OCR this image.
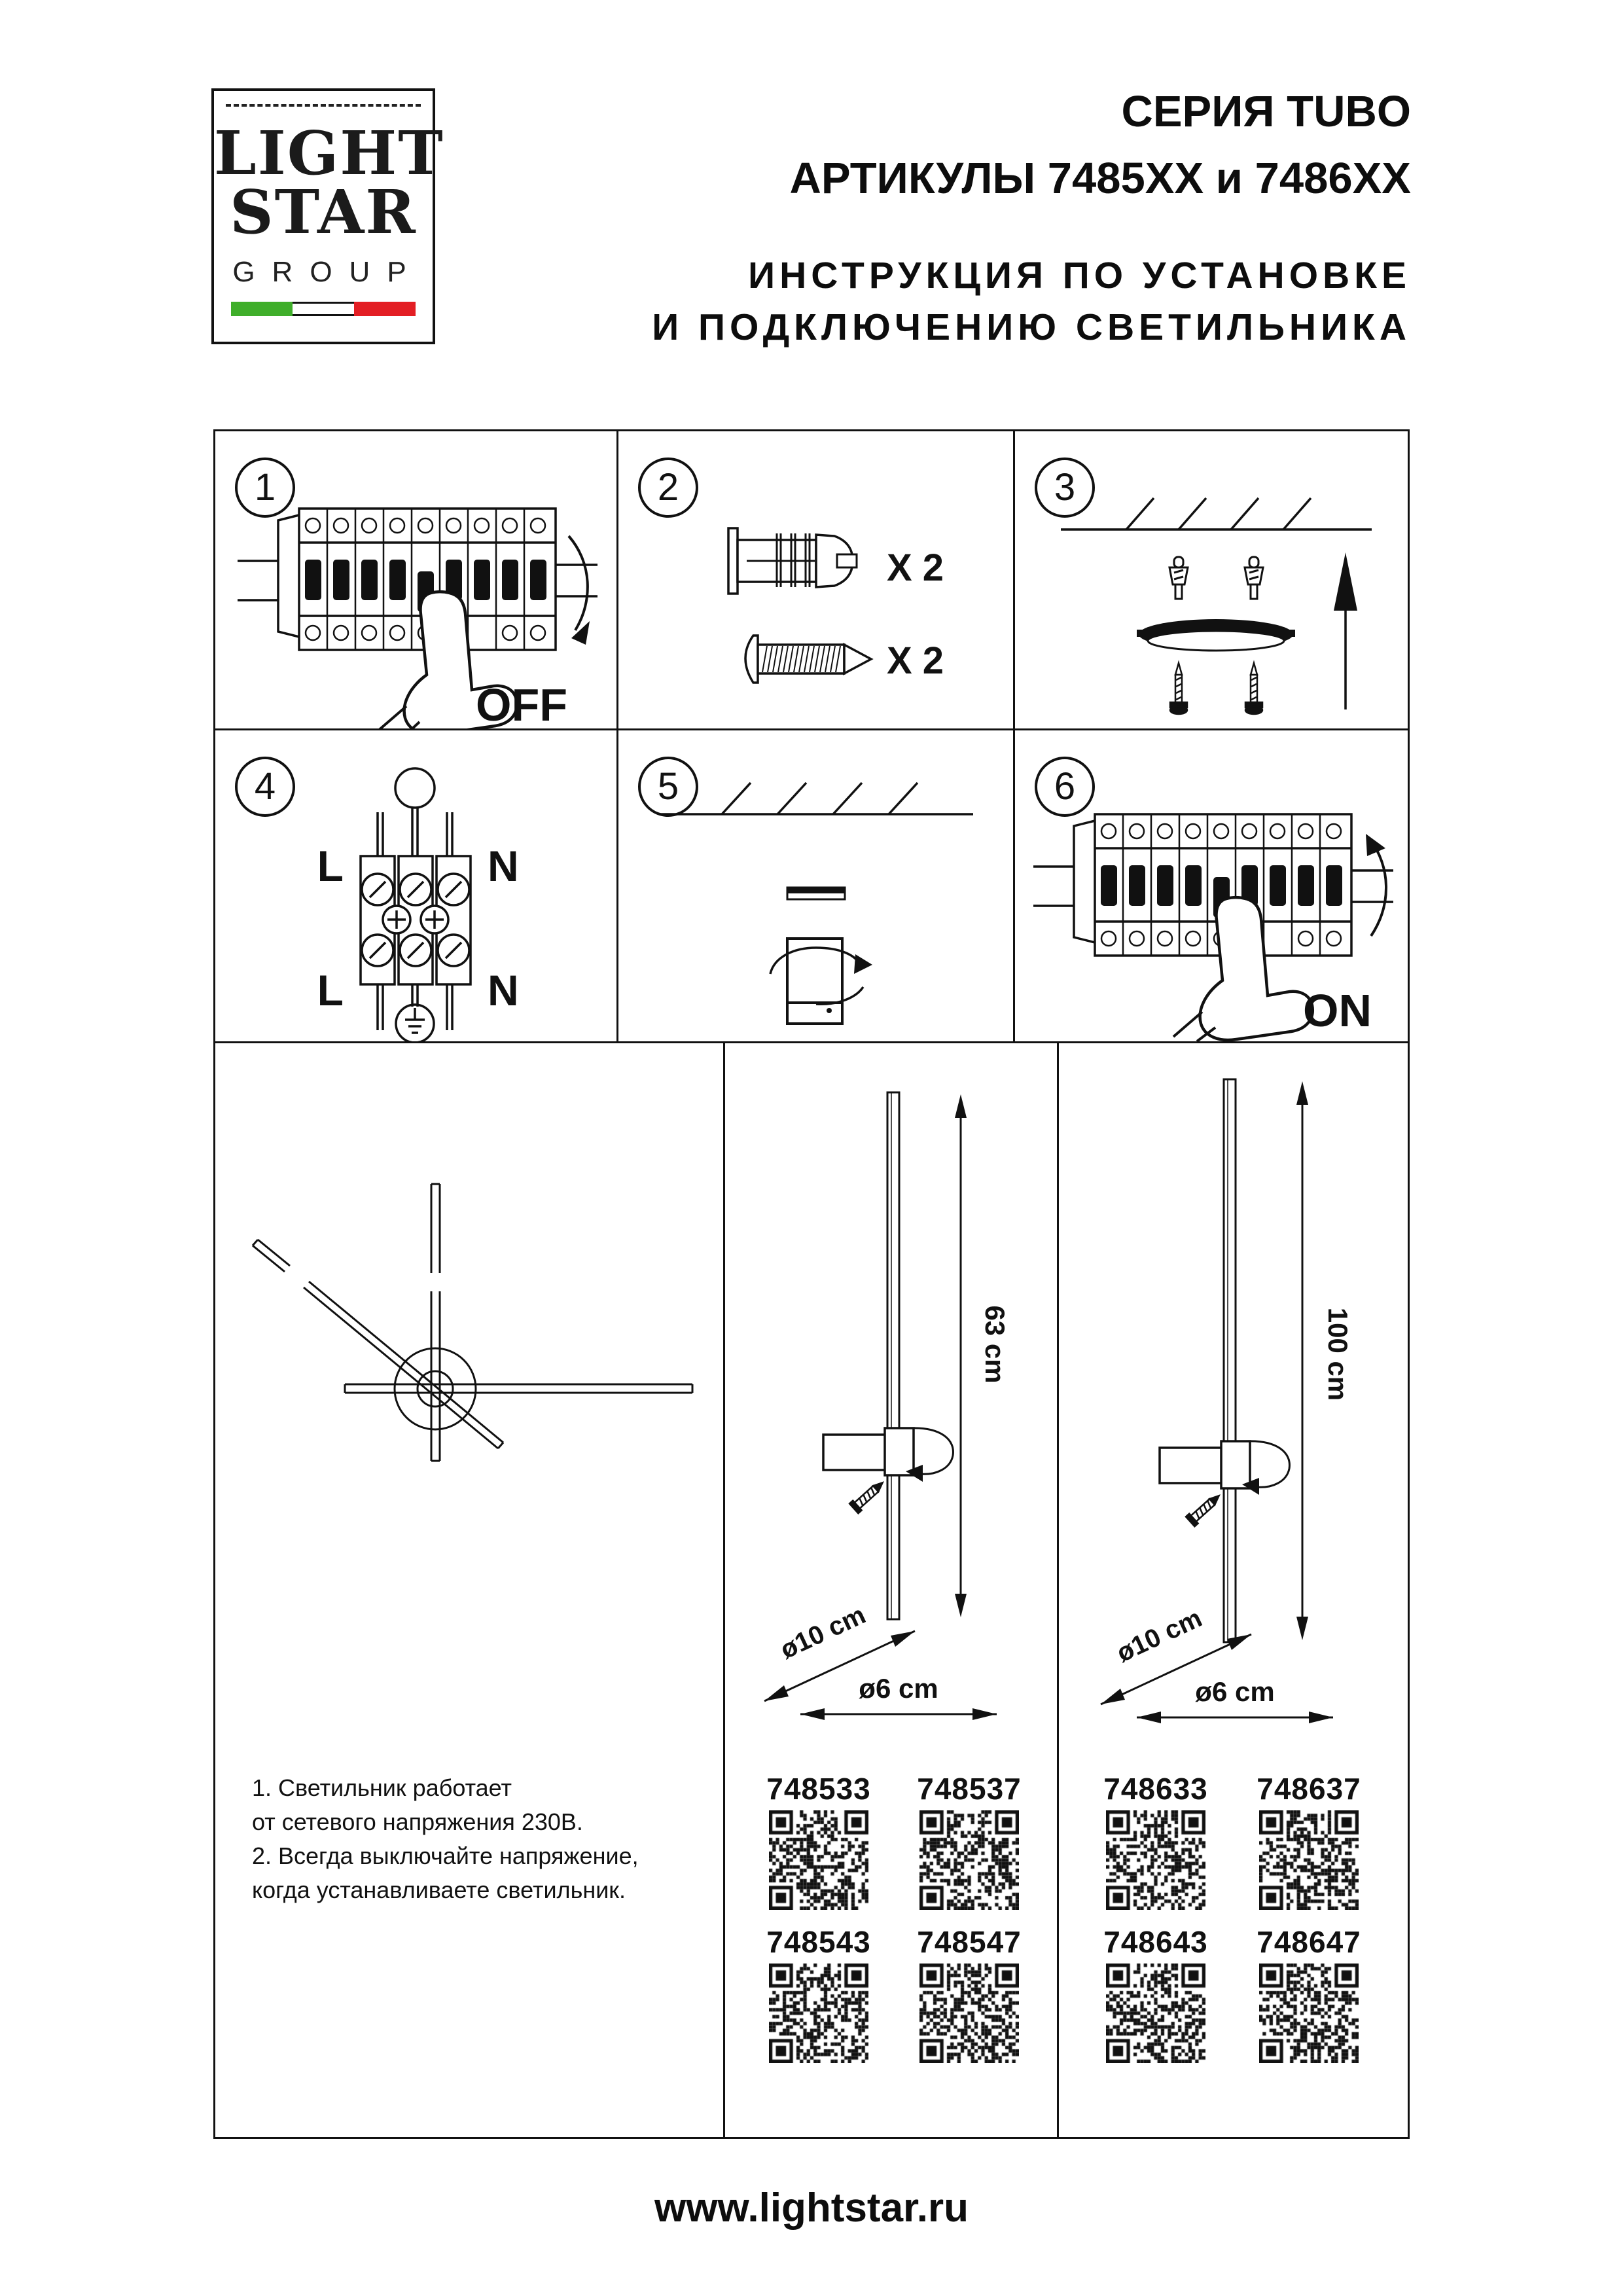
LIGHT
STAR
GROUP
СЕРИЯ TUBO
АРТИКУЛЫ 7485XX и 7486XX
ИНСТРУКЦИЯ ПО УСТАНОВКЕ
И ПОДКЛЮЧЕНИЮ СВЕТИЛЬНИКА
1
OFF
2
X 2
X 2
3
4
L	N
L	N
5	6
ON
1. Светильник работает
от сетевого напряжения 230В.
2. Всегда выключайте напряжение,
когда устанавливаете светильник.
63 cm
ø10 cm
ø6 cm
748533	748537
748543	748547
100 cm
ø10 cm
ø6 cm
748633	748637
748643	748647
www.lightstar.ru
